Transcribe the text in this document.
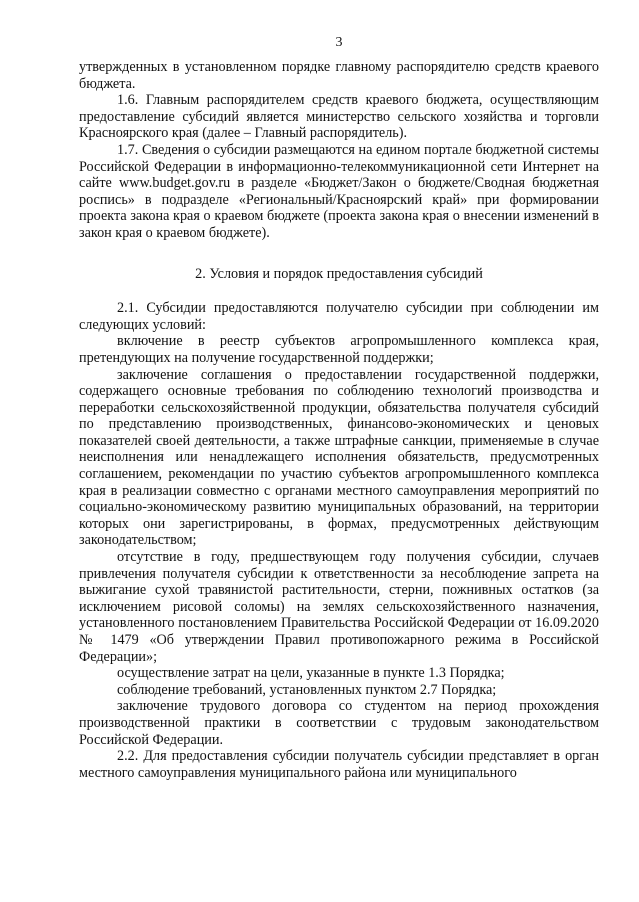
3

утвержденных в установленном порядке главному распорядителю средств краевого бюджета.

1.6. Главным распорядителем средств краевого бюджета, осуществляющим предоставление субсидий является министерство сельского хозяйства и торговли Красноярского края (далее – Главный распорядитель).

1.7. Сведения о субсидии размещаются на едином портале бюджетной системы Российской Федерации в информационно-телекоммуникационной сети Интернет на сайте www.budget.gov.ru в разделе «Бюджет/Закон о бюджете/Сводная бюджетная роспись» в подразделе «Региональный/Красноярский край» при формировании проекта закона края о краевом бюджете (проекта закона края о внесении изменений в закон края о краевом бюджете).

2. Условия и порядок предоставления субсидий

2.1. Субсидии предоставляются получателю субсидии при соблюдении им следующих условий:

включение в реестр субъектов агропромышленного комплекса края, претендующих на получение государственной поддержки;

заключение соглашения о предоставлении государственной поддержки, содержащего основные требования по соблюдению технологий производства и переработки сельскохозяйственной продукции, обязательства получателя субсидий по представлению производственных, финансово-экономических и ценовых показателей своей деятельности, а также штрафные санкции, применяемые в случае неисполнения или ненадлежащего исполнения обязательств, предусмотренных соглашением, рекомендации по участию субъектов агропромышленного комплекса края в реализации совместно с органами местного самоуправления мероприятий по социально-экономическому развитию муниципальных образований, на территории которых они зарегистрированы, в формах, предусмотренных действующим законодательством;

отсутствие в году, предшествующем году получения субсидии, случаев привлечения получателя субсидии к ответственности за несоблюдение запрета на выжигание сухой травянистой растительности, стерни, пожнивных остатков (за исключением рисовой соломы) на землях сельскохозяйственного назначения, установленного постановлением Правительства Российской Федерации от 16.09.2020 № 1479 «Об утверждении Правил противопожарного режима в Российской Федерации»;

осуществление затрат на цели, указанные в пункте 1.3 Порядка;

соблюдение требований, установленных пунктом 2.7 Порядка;

заключение трудового договора со студентом на период прохождения производственной практики в соответствии с трудовым законодательством Российской Федерации.

2.2. Для предоставления субсидии получатель субсидии представляет в орган местного самоуправления муниципального района или муниципального
